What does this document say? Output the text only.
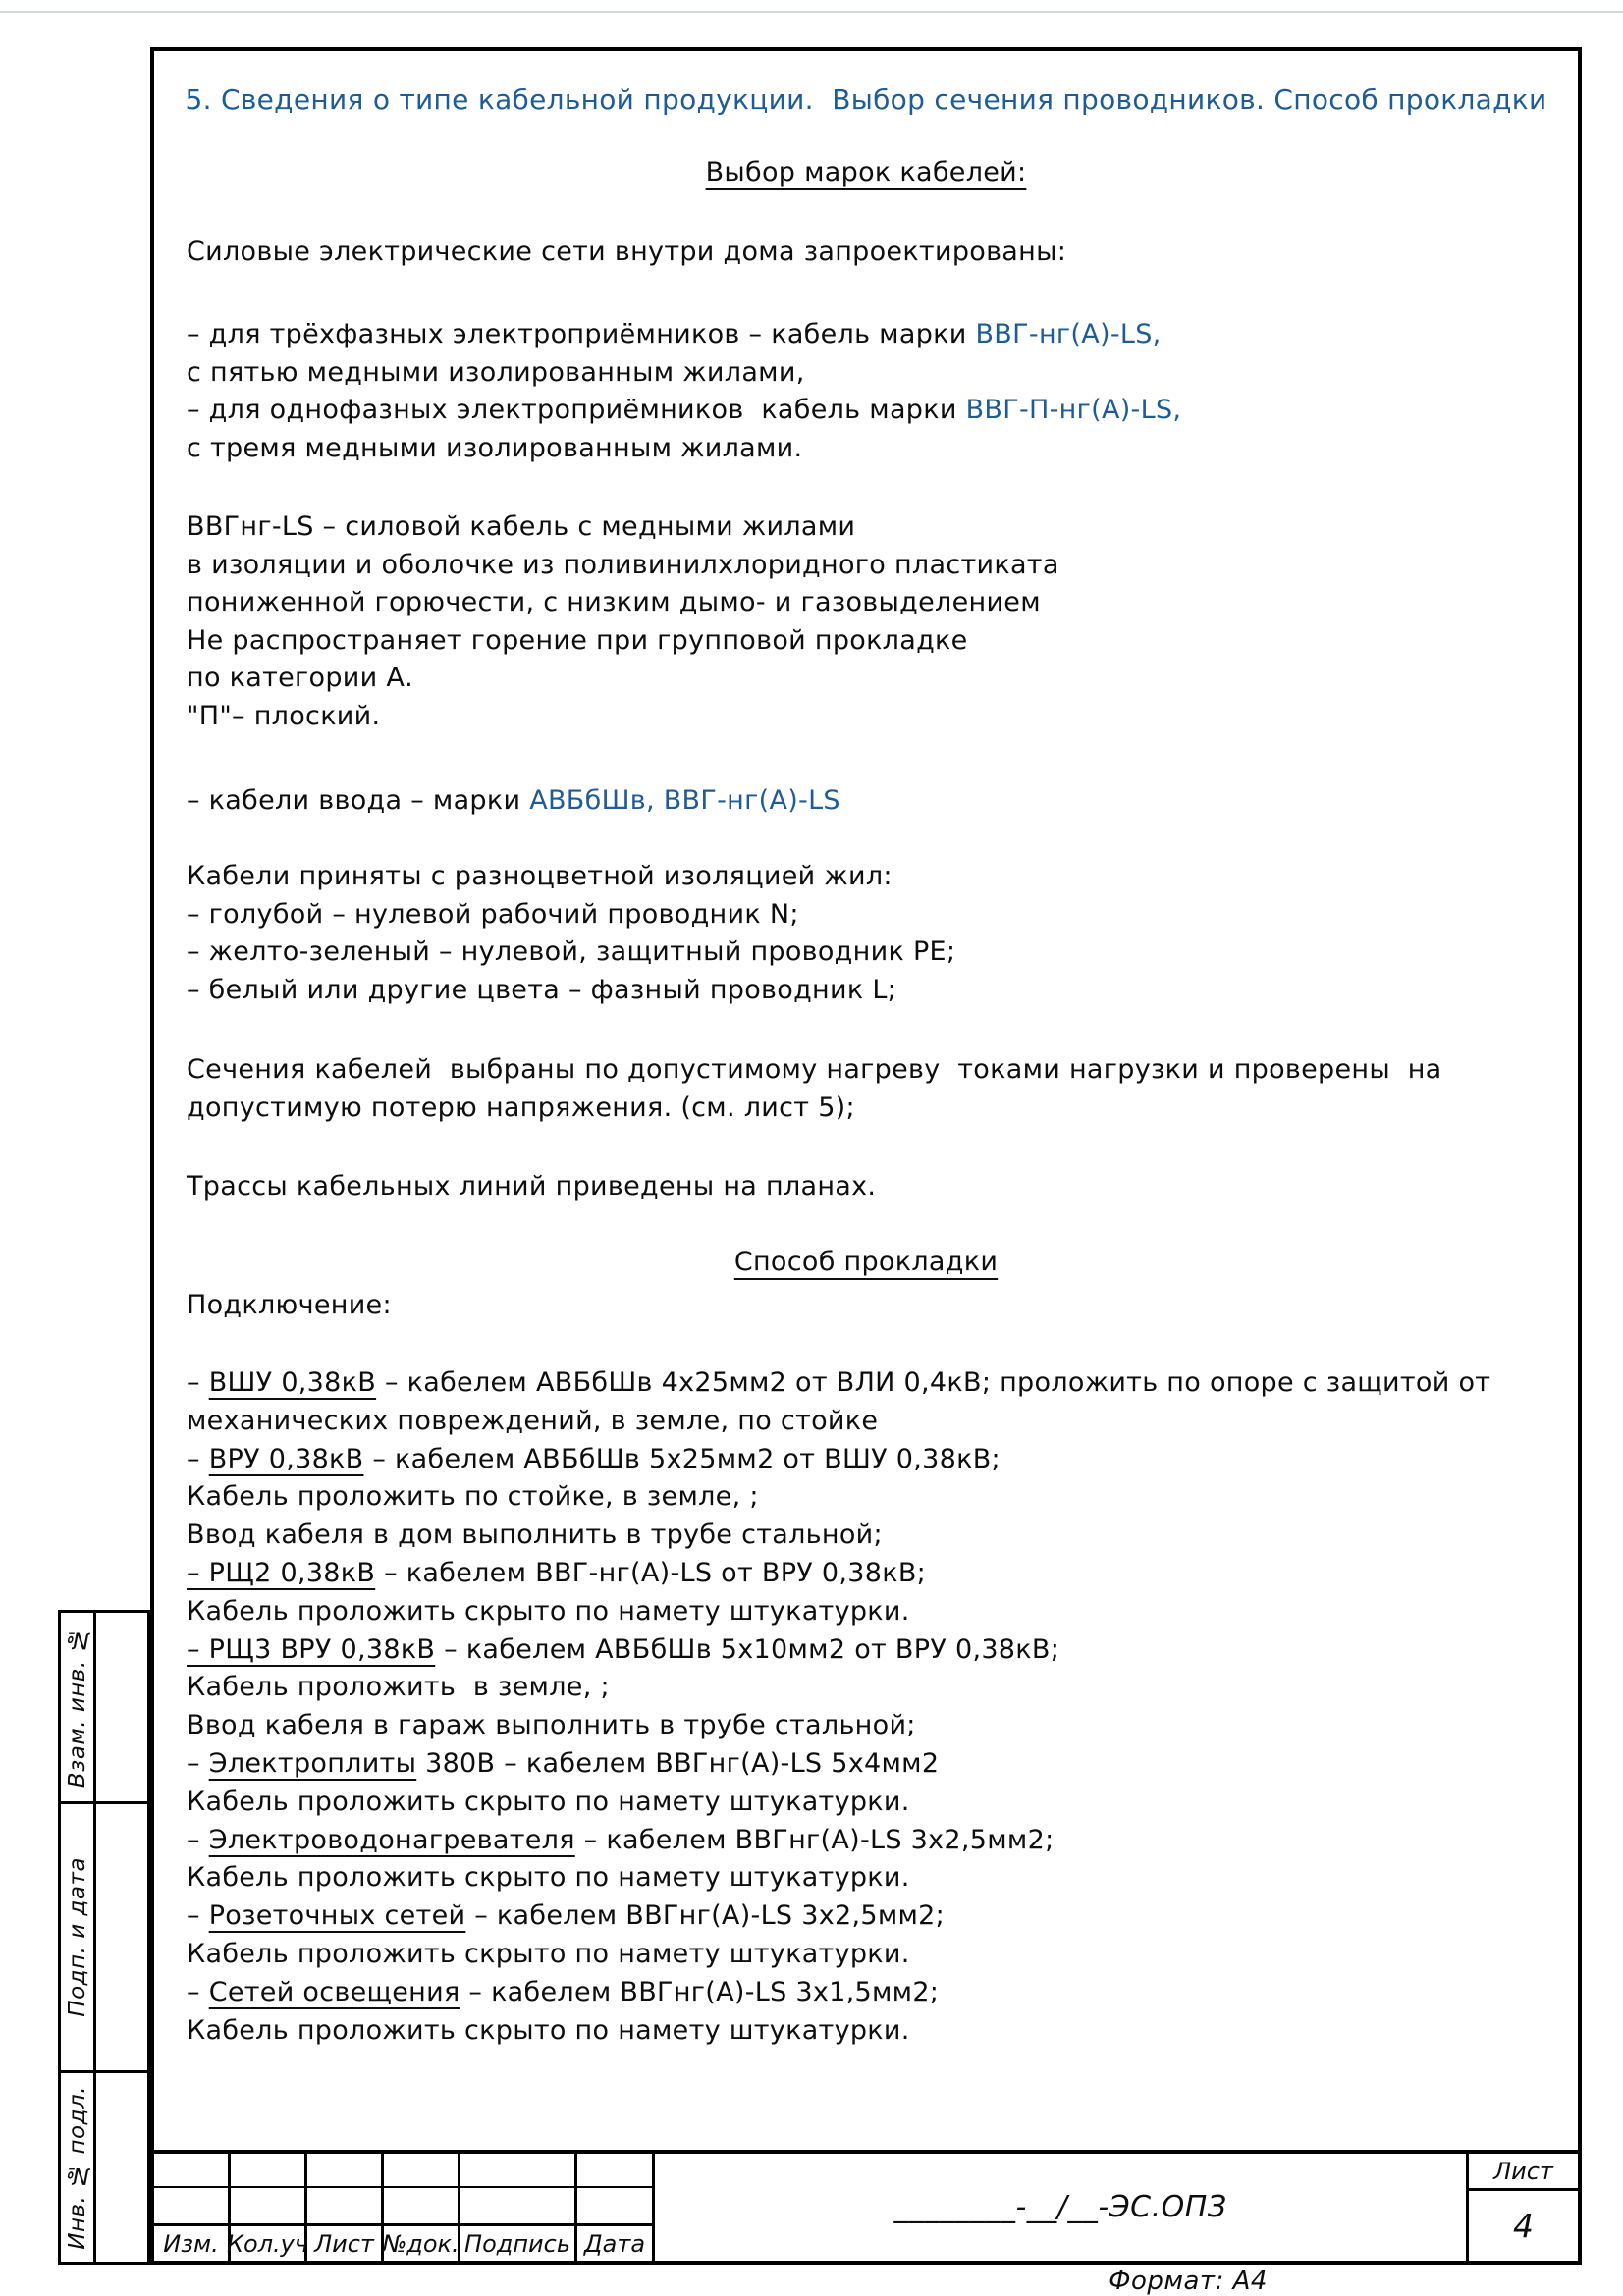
5. Сведения о типе кабельной продукции.  Выбор сечения проводников. Способ прокладки
Выбор марок кабелей:
Силовые электрические сети внутри дома запроектированы:
– для трёхфазных электроприёмников – кабель марки ВВГ-нг(А)-LS,
с пятью медными изолированным жилами,
– для однофазных электроприёмников  кабель марки ВВГ-П-нг(А)-LS,
с тремя медными изолированным жилами.
ВВГнг-LS – силовой кабель с медными жилами
в изоляции и оболочке из поливинилхлоридного пластиката
пониженной горючести, с низким дымо- и газовыделением
Не распространяет горение при групповой прокладке
по категории А.
"П"– плоский.
– кабели ввода – марки АВБбШв, ВВГ-нг(А)-LS
Кабели приняты с разноцветной изоляцией жил:
– голубой – нулевой рабочий проводник N;
– желто-зеленый – нулевой, защитный проводник PE;
– белый или другие цвета – фазный проводник L;
Сечения кабелей  выбраны по допустимому нагреву  токами нагрузки и проверены  на
допустимую потерю напряжения. (см. лист 5);
Трассы кабельных линий приведены на планах.
Способ прокладки
Подключение:
– ВШУ 0,38кВ – кабелем АВБбШв 4х25мм2 от ВЛИ 0,4кВ; проложить по опоре с защитой от
механических повреждений, в земле, по стойке
– ВРУ 0,38кВ – кабелем АВБбШв 5х25мм2 от ВШУ 0,38кВ;
Кабель проложить по стойке, в земле, ;
Ввод кабеля в дом выполнить в трубе стальной;
– РЩ2 0,38кВ – кабелем ВВГ-нг(А)-LS от ВРУ 0,38кВ;
Кабель проложить скрыто по намету штукатурки.
– РЩ3 ВРУ 0,38кВ – кабелем АВБбШв 5х10мм2 от ВРУ 0,38кВ;
Кабель проложить  в земле, ;
Ввод кабеля в гараж выполнить в трубе стальной;
– Электроплиты 380В – кабелем ВВГнг(А)-LS 5х4мм2
Кабель проложить скрыто по намету штукатурки.
– Электроводонагревателя – кабелем ВВГнг(А)-LS 3х2,5мм2;
Кабель проложить скрыто по намету штукатурки.
– Розеточных сетей – кабелем ВВГнг(А)-LS 3х2,5мм2;
Кабель проложить скрыто по намету штукатурки.
– Сетей освещения – кабелем ВВГнг(А)-LS 3х1,5мм2;
Кабель проложить скрыто по намету штукатурки.
Взам. инв. №
Подп. и дата
Инв. № подл.	Изм. Кол.уч Лист №док. Подпись Дата
________-__/__-ЭС.ОПЗ
Лист
4
Формат: А4
